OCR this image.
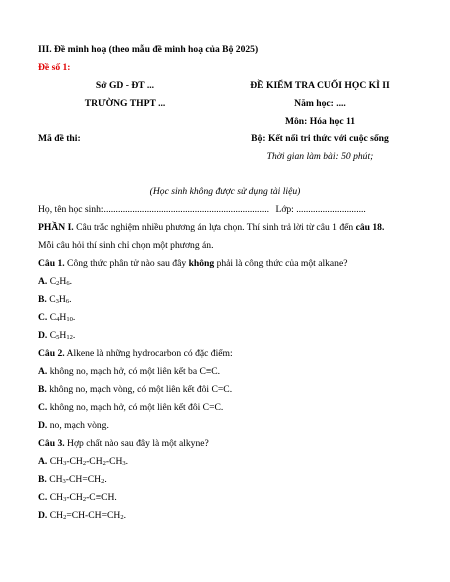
III. Đề minh hoạ (theo mẫu đề minh hoạ của Bộ 2025)
Đề số 1:
Sở GD - ĐT ...
TRƯỜNG THPT ...
Mã đề thi:
ĐỀ KIỂM TRA CUỐI HỌC KÌ II
Năm học: ....
Môn: Hóa học 11
Bộ: Kết nối tri thức với cuộc sống
Thời gian làm bài: 50 phút;
(Học sinh không được sử dụng tài liệu)
Họ, tên học sinh:..................................................................... Lớp: .............................
PHẦN I. Câu trắc nghiệm nhiều phương án lựa chọn. Thí sinh trả lời từ câu 1 đến câu 18.
Mỗi câu hỏi thí sinh chỉ chọn một phương án.
Câu 1. Công thức phân tử nào sau đây không phải là công thức của một alkane?
A. $C_2H_6$.
B. $C_3H_6$.
C. $C_4H_{10}$.
D. $C_5H_{12}$.
Câu 2. Alkene là những hydrocarbon có đặc điểm:
A. không no, mạch hở, có một liên kết ba C≡C.
B. không no, mạch vòng, có một liên kết đôi C=C.
C. không no, mạch hở, có một liên kết đôi C=C.
D. no, mạch vòng.
Câu 3. Hợp chất nào sau đây là một alkyne?
A. $CH_3-CH_2-CH_2-CH_3$.
B. $CH_3-CH=CH_2$.
C. $CH_3-CH_2-C\equiv CH$.
D. $CH_2=CH-CH=CH_2$.
